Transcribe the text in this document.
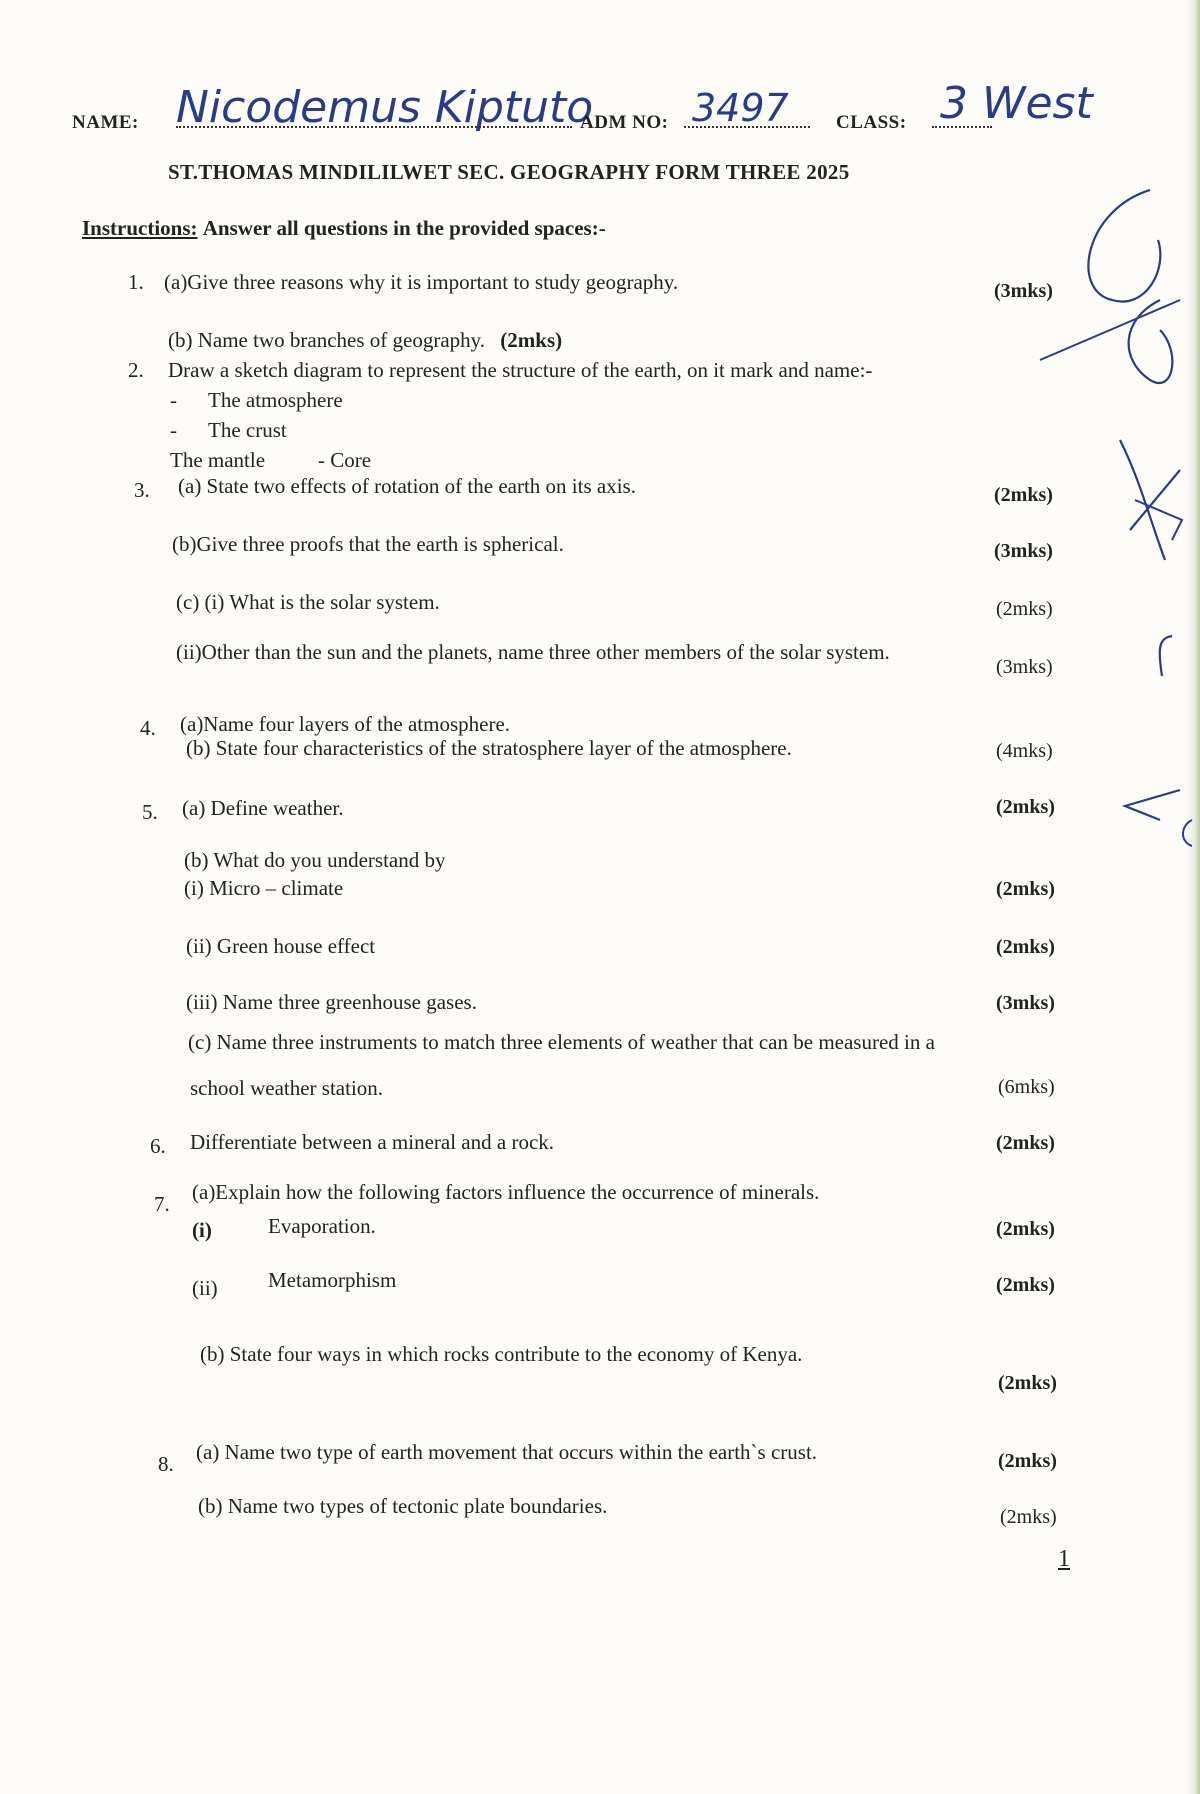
NAME: Nicodemus Kiptuto
ADM NO: 3497 CLASS: 3 West
ST.THOMAS MINDILILWET SEC. GEOGRAPHY FORM THREE 2025
Instructions: Answer all questions in the provided spaces:-
1. (a)Give three reasons why it is important to study geography.	(3mks)
(b) Name two branches of geography. (2mks)
2. Draw a sketch diagram to represent the structure of the earth, on it mark and name:-
- The atmosphere
- The crust
The mantle	- Core
3. (a) State two effects of rotation of the earth on its axis.	(2mks)
(b)Give three proofs that the earth is spherical.	(3mks)
(c) (i) What is the solar system.	(2mks)
(ii)Other than the sun and the planets, name three other members of the solar system.
(3mks)
4. (a)Name four layers of the atmosphere.
(b) State four characteristics of the stratosphere layer of the atmosphere.	(4mks)
5. (a) Define weather.	(2mks)
(b) What do you understand by
(i) Micro – climate	(2mks)
(ii) Green house effect	(2mks)
(iii) Name three greenhouse gases.	(3mks)
(c) Name three instruments to match three elements of weather that can be measured in a
school weather station.	(6mks)
6. Differentiate between a mineral and a rock.	(2mks)
7. (a)Explain how the following factors influence the occurrence of minerals.
(i)	Evaporation.	(2mks)
(ii) Metamorphism	(2mks)
(b) State four ways in which rocks contribute to the economy of Kenya.
(2mks)
8. (a) Name two type of earth movement that occurs within the earth`s crust.	(2mks)
(b) Name two types of tectonic plate boundaries.	(2mks)
1
